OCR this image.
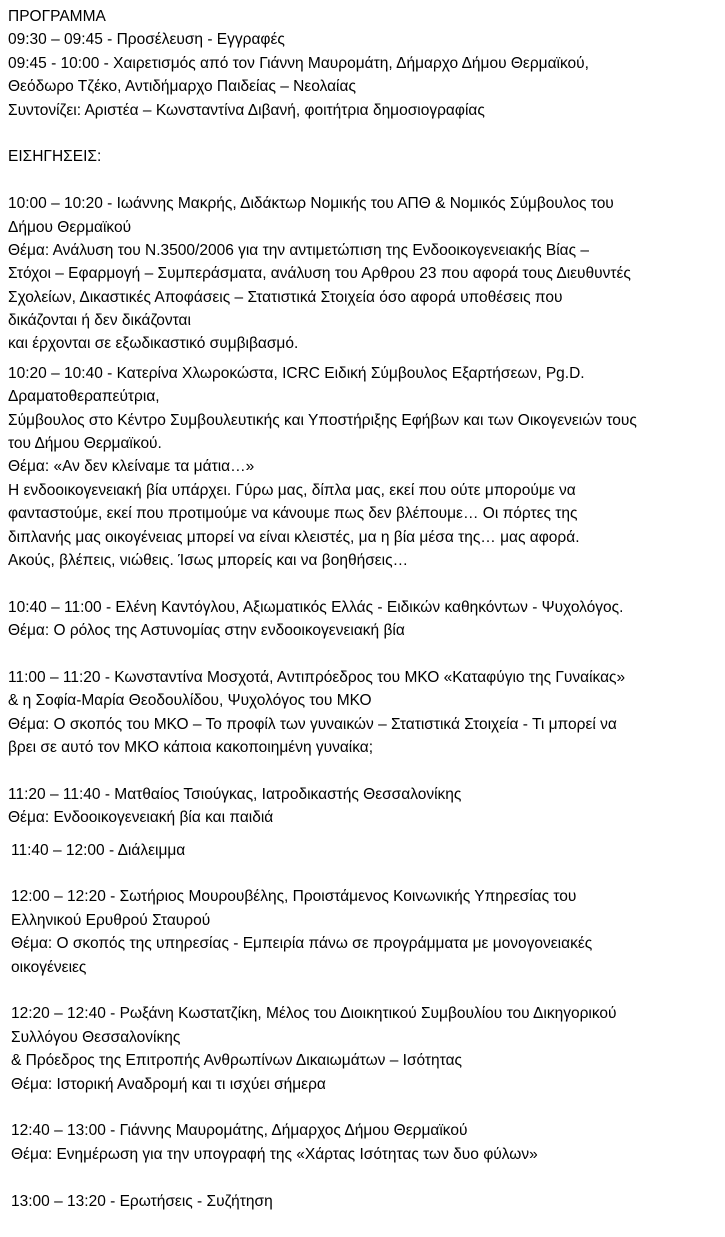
ΠΡΟΓΡΑΜΜΑ
09:30 – 09:45 - Προσέλευση - Εγγραφές
09:45 - 10:00 - Χαιρετισμός από τον Γιάννη Μαυρομάτη, Δήμαρχο Δήμου Θερμαϊκού,
Θεόδωρο Τζέκο, Αντιδήμαρχο Παιδείας – Νεολαίας
Συντονίζει: Αριστέα – Κωνσταντίνα Διβανή, φοιτήτρια δημοσιογραφίας
ΕΙΣΗΓΗΣΕΙΣ:
10:00 – 10:20 - Ιωάννης Μακρής, Διδάκτωρ Νομικής του ΑΠΘ & Νομικός Σύμβουλος του
Δήμου Θερμαϊκού
Θέμα: Ανάλυση του Ν.3500/2006 για την αντιμετώπιση της Ενδοοικογενειακής Βίας –
Στόχοι – Εφαρμογή – Συμπεράσματα, ανάλυση του Αρθρου 23 που αφορά τους Διευθυντές
Σχολείων, Δικαστικές Αποφάσεις – Στατιστικά Στοιχεία όσο αφορά υποθέσεις που
δικάζονται ή δεν δικάζονται
και έρχονται σε εξωδικαστικό συμβιβασμό.
10:20 – 10:40 - Κατερίνα Χλωροκώστα, ICRC Ειδική Σύμβουλος Εξαρτήσεων, Pg.D.
Δραματοθεραπεύτρια,
Σύμβουλος στο Κέντρο Συμβουλευτικής και Υποστήριξης Εφήβων και των Οικογενειών τους
του Δήμου Θερμαϊκού.
Θέμα: «Αν δεν κλείναμε τα μάτια…»
Η ενδοοικογενειακή βία υπάρχει. Γύρω μας, δίπλα μας, εκεί που ούτε μπορούμε να
φανταστούμε, εκεί που προτιμούμε να κάνουμε πως δεν βλέπουμε… Οι πόρτες της
διπλανής μας οικογένειας μπορεί να είναι κλειστές, μα η βία μέσα της… μας αφορά.
Ακούς, βλέπεις, νιώθεις. Ίσως μπορείς και να βοηθήσεις…
10:40 – 11:00 - Ελένη Καντόγλου, Αξιωματικός Ελλάς - Ειδικών καθηκόντων - Ψυχολόγος.
Θέμα: Ο ρόλος της Αστυνομίας στην ενδοοικογενειακή βία
11:00 – 11:20 - Κωνσταντίνα Μοσχοτά, Αντιπρόεδρος του ΜΚΟ «Καταφύγιο της Γυναίκας»
& η Σοφία-Μαρία Θεοδουλίδου, Ψυχολόγος του ΜΚΟ
Θέμα: Ο σκοπός του ΜΚΟ – Το προφίλ των γυναικών – Στατιστικά Στοιχεία - Τι μπορεί να
βρει σε αυτό τον ΜΚΟ κάποια κακοποιημένη γυναίκα;
11:20 – 11:40 - Ματθαίος Τσιούγκας, Ιατροδικαστής Θεσσαλονίκης
Θέμα: Ενδοοικογενειακή βία και παιδιά
11:40 – 12:00 - Διάλειμμα
12:00 – 12:20 - Σωτήριος Μουρουβέλης, Προιστάμενος Κοινωνικής Υπηρεσίας του
Ελληνικού Ερυθρού Σταυρού
Θέμα: Ο σκοπός της υπηρεσίας - Εμπειρία πάνω σε προγράμματα με μονογονειακές
οικογένειες
12:20 – 12:40 - Ρωξάνη Κωστατζίκη, Μέλος του Διοικητικού Συμβουλίου του Δικηγορικού
Συλλόγου Θεσσαλονίκης
& Πρόεδρος της Επιτροπής Ανθρωπίνων Δικαιωμάτων – Ισότητας
Θέμα: Ιστορική Αναδρομή και τι ισχύει σήμερα
12:40 – 13:00 - Γιάννης Μαυρομάτης, Δήμαρχος Δήμου Θερμαϊκού
Θέμα: Ενημέρωση για την υπογραφή της «Χάρτας Ισότητας των δυο φύλων»
13:00 – 13:20 - Ερωτήσεις - Συζήτηση
